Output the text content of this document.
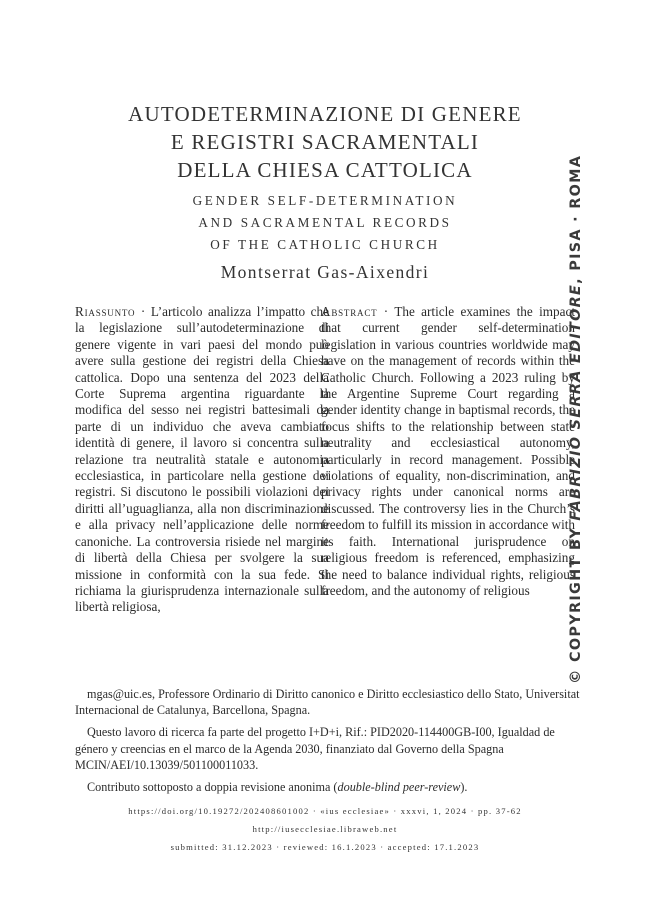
AUTODETERMINAZIONE DI GENERE
E REGISTRI SACRAMENTALI
DELLA CHIESA CATTOLICA
GENDER SELF-DETERMINATION
AND SACRAMENTAL RECORDS
OF THE CATHOLIC CHURCH
Montserrat Gas-Aixendri
Riassunto · L’articolo analizza l’impatto che la legislazione sull’autodeterminazione di genere vigente in vari paesi del mondo può avere sulla gestione dei registri della Chiesa cattolica. Dopo una sentenza del 2023 della Corte Suprema argentina riguardante la modifica del sesso nei registri battesimali da parte di un individuo che aveva cambiato identità di genere, il lavoro si concentra sulla relazione tra neutralità statale e autonomia ecclesiastica, in particolare nella gestione dei registri. Si discutono le possibili violazioni dei diritti all’uguaglianza, alla non discriminazione e alla privacy nell’applicazione delle norme canoniche. La controversia risiede nel margine di libertà della Chiesa per svolgere la sua missione in conformità con la sua fede. Si richiama la giurisprudenza internazionale sulla libertà religiosa,
Abstract · The article examines the impact that current gender self-determination legislation in various countries worldwide may have on the management of records within the Catholic Church. Following a 2023 ruling by the Argentine Supreme Court regarding a gender identity change in baptismal records, the focus shifts to the relationship between state neutrality and ecclesiastical autonomy, particularly in record management. Possible violations of equality, non-discrimination, and privacy rights under canonical norms are discussed. The controversy lies in the Church’s freedom to fulfill its mission in accordance with its faith. International jurisprudence on religious freedom is referenced, emphasizing the need to balance individual rights, religious freedom, and the autonomy of religious

mgas@uic.es, Professore Ordinario di Diritto canonico e Diritto ecclesiastico dello Stato, Universitat Internacional de Catalunya, Barcellona, Spagna.

Questo lavoro di ricerca fa parte del progetto I+D+i, Rif.: PID2020-114400GB-I00, Igualdad de género y creencias en el marco de la Agenda 2030, finanziato dal Governo della Spagna MCIN/AEI/10.13039/501100011033.

Contributo sottoposto a doppia revisione anonima (double-blind peer-review).

https://doi.org/10.19272/202408601002 · «ius ecclesiae» · xxxvi, 1, 2024 · pp. 37-62
http://iusecclesiae.libraweb.net
submitted: 31.12.2023 · reviewed: 16.1.2023 · accepted: 17.1.2023
© COPYRIGHT BY FABRIZIO SERRA EDITORE, PISA · ROMA
